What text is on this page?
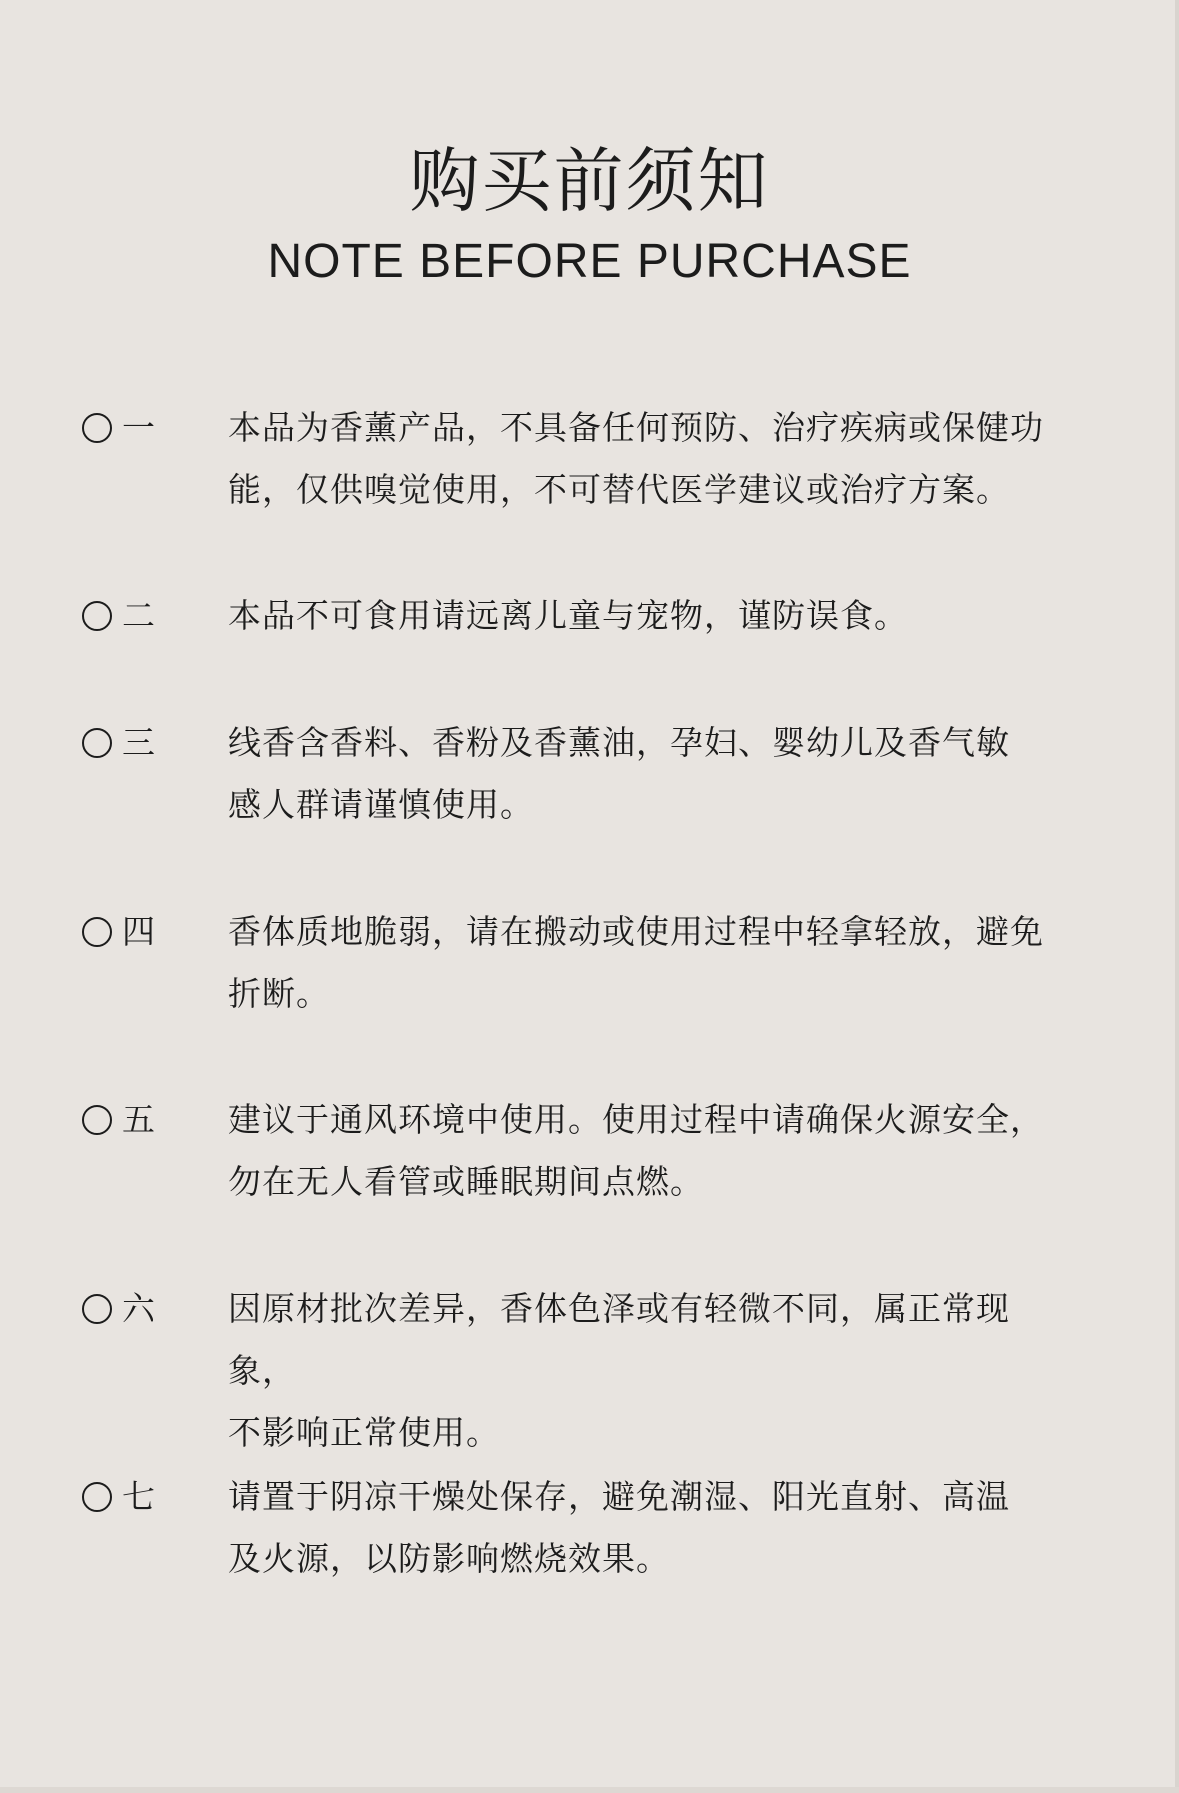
购买前须知
NOTE BEFORE PURCHASE
一 本品为香薰产品，不具备任何预防、治疗疾病或保健功
能，仅供嗅觉使用，不可替代医学建议或治疗方案。
二 本品不可食用请远离儿童与宠物，谨防误食。
三 线香含香料、香粉及香薰油，孕妇、婴幼儿及香气敏
感人群请谨慎使用。
四 香体质地脆弱，请在搬动或使用过程中轻拿轻放，避免
折断。
五 建议于通风环境中使用。使用过程中请确保火源安全，
勿在无人看管或睡眠期间点燃。
六 因原材批次差异，香体色泽或有轻微不同，属正常现象，
不影响正常使用。
七 请置于阴凉干燥处保存，避免潮湿、阳光直射、高温
及火源，以防影响燃烧效果。
